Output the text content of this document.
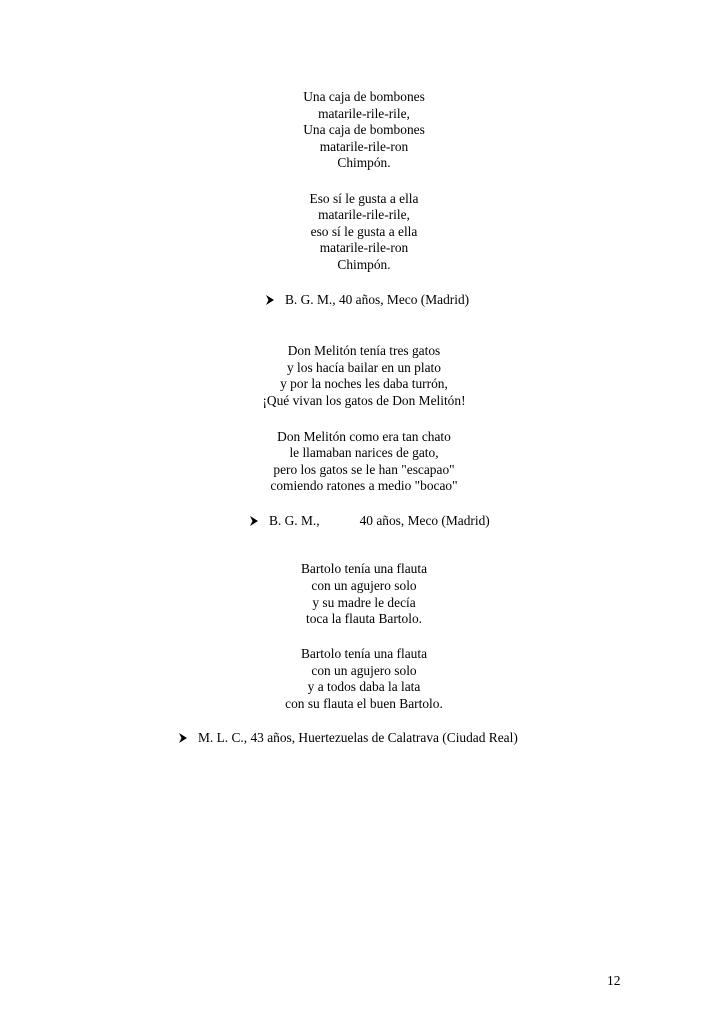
Una caja de bombones
matarile-rile-rile,
Una caja de bombones
matarile-rile-ron
Chimpón.
Eso sí le gusta a ella
matarile-rile-rile,
eso sí le gusta a ella
matarile-rile-ron
Chimpón.
B. G. M., 40 años, Meco (Madrid)
Don Melitón tenía tres gatos
y los hacía bailar en un plato
y por la noches les daba turrón,
¡Qué vivan los gatos de Don Melitón!
Don Melitón como era tan chato
le llamaban narices de gato,
pero los gatos se le han "escapao"
comiendo ratones a medio "bocao"
B. G. M.,	40 años, Meco (Madrid)
Bartolo tenía una flauta
con un agujero solo
y su madre le decía
toca la flauta Bartolo.
Bartolo tenía una flauta
con un agujero solo
y a todos daba la lata
con su flauta el buen Bartolo.
M. L. C., 43 años, Huertezuelas de Calatrava (Ciudad Real)
12
